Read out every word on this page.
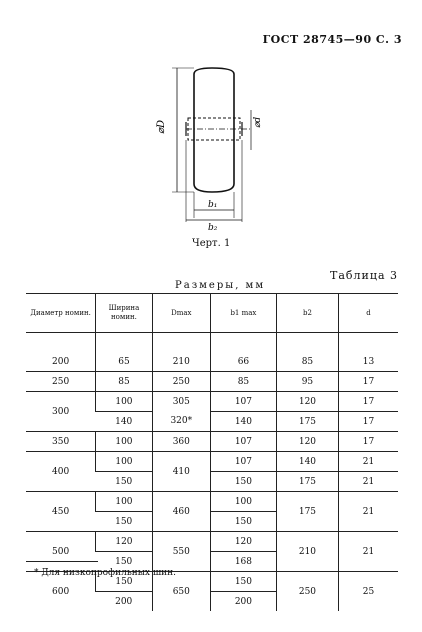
ГОСТ 28745—90 С. 3
⌀D	⌀d
b₁
b₂
Черт. 1
Таблица 3
Размеры, мм
Диаметр номин.	Ширина номин.	Dmax	b1 max	b2	d

200	65	210	66	85	13
250	85	250	85	95	17
300	100	305	107	120	17
	140	320*	140	175	17
350	100	360	107	120	17
400	100	410	107	140	21
	150		150	175	21
450	100	460	100	175	21
	150		150		
500	120	550	120	210	21
	150		168		
600	150	650	150	250	25
	200		200		
* Для низкопрофильных шин.
